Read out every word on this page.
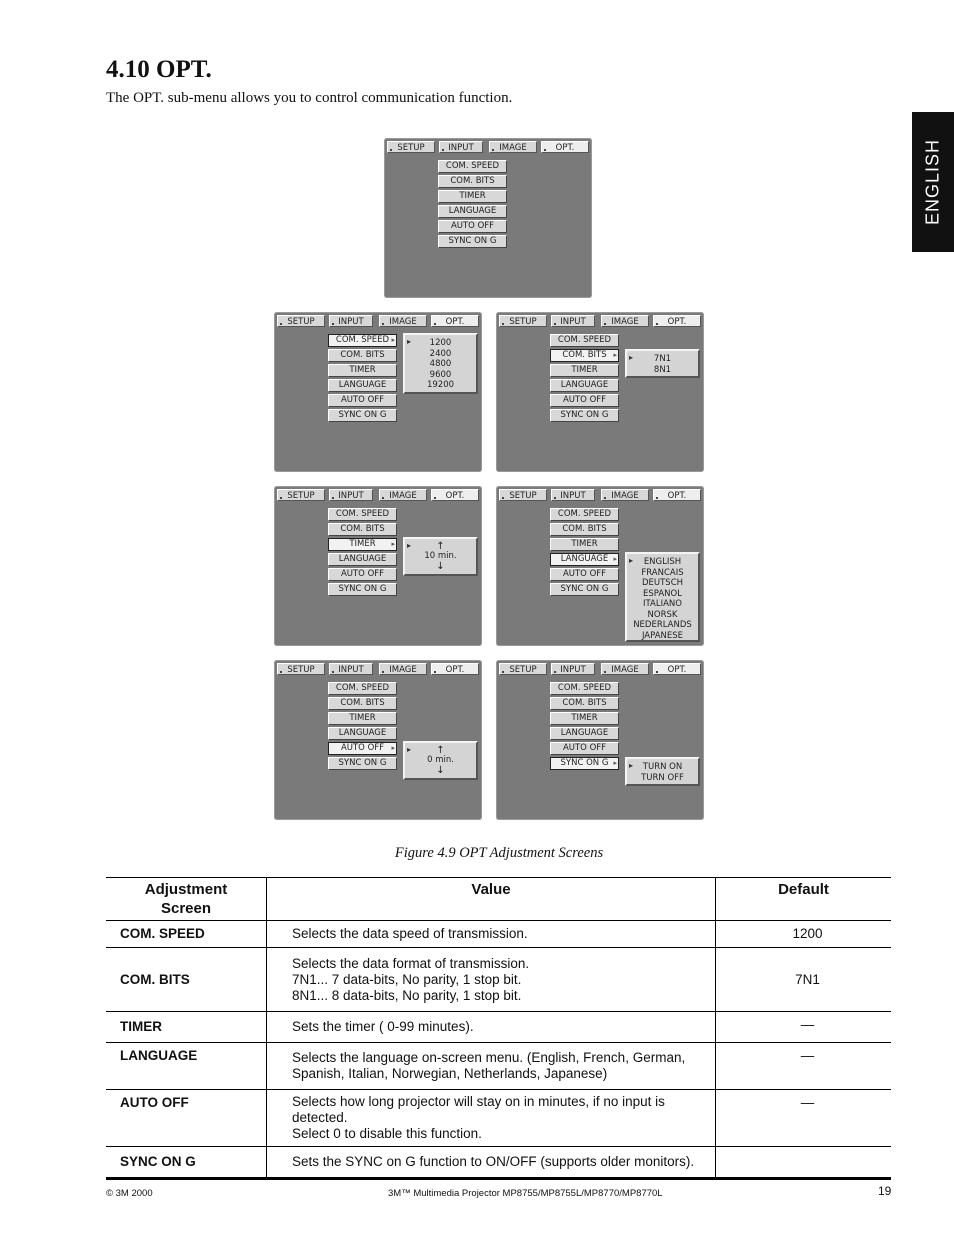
4.10 OPT.
The OPT. sub-menu allows you to control communication function.
ENGLISH
SETUP	INPUT	IMAGE	OPT.
COM. SPEED
COM. BITS
TIMER
LANGUAGE
AUTO OFF
SYNC ON G
SETUP	INPUT	IMAGE	OPT.
COM. SPEED ▸
COM. BITS
TIMER
LANGUAGE
AUTO OFF
SYNC ON G
▸	1200
2400
4800
9600
19200
SETUP	INPUT	IMAGE	OPT.
COM. SPEED
COM. BITS ▸
TIMER
LANGUAGE
AUTO OFF
SYNC ON G
▸	7N1
8N1
SETUP	INPUT	IMAGE	OPT.
COM. SPEED
COM. BITS
TIMER ▸
LANGUAGE
AUTO OFF
SYNC ON G
▸	↑
10 min.
↓
SETUP	INPUT	IMAGE	OPT.
COM. SPEED
COM. BITS
TIMER
LANGUAGE ▸
AUTO OFF
SYNC ON G
▸	ENGLISH
FRANCAIS
DEUTSCH
ESPANOL
ITALIANO
NORSK
NEDERLANDS
JAPANESE
SETUP	INPUT	IMAGE	OPT.
COM. SPEED
COM. BITS
TIMER
LANGUAGE
AUTO OFF ▸
SYNC ON G
▸	↑
0 min.
↓
SETUP	INPUT	IMAGE	OPT.
COM. SPEED
COM. BITS
TIMER
LANGUAGE
AUTO OFF
SYNC ON G ▸	▸	TURN ON
TURN OFF
Figure 4.9 OPT Adjustment Screens
Adjustment
Screen	Value	Default
COM. SPEED	Selects the data speed of transmission.	1200
COM. BITS	Selects the data format of transmission.
7N1... 7 data-bits, No parity, 1 stop bit.
8N1... 8 data-bits, No parity, 1 stop bit.	7N1
TIMER	Sets the timer ( 0-99 minutes).	—
LANGUAGE	Selects the language on-screen menu. (English, French, German,
Spanish, Italian, Norwegian, Netherlands, Japanese)	—
AUTO OFF	Selects how long projector will stay on in minutes, if no input is detected.
Select 0 to disable this function.	—
SYNC ON G	Sets the SYNC on G function to ON/OFF (supports older monitors).	
© 3M 2000	3M™ Multimedia Projector MP8755/MP8755L/MP8770/MP8770L	19
